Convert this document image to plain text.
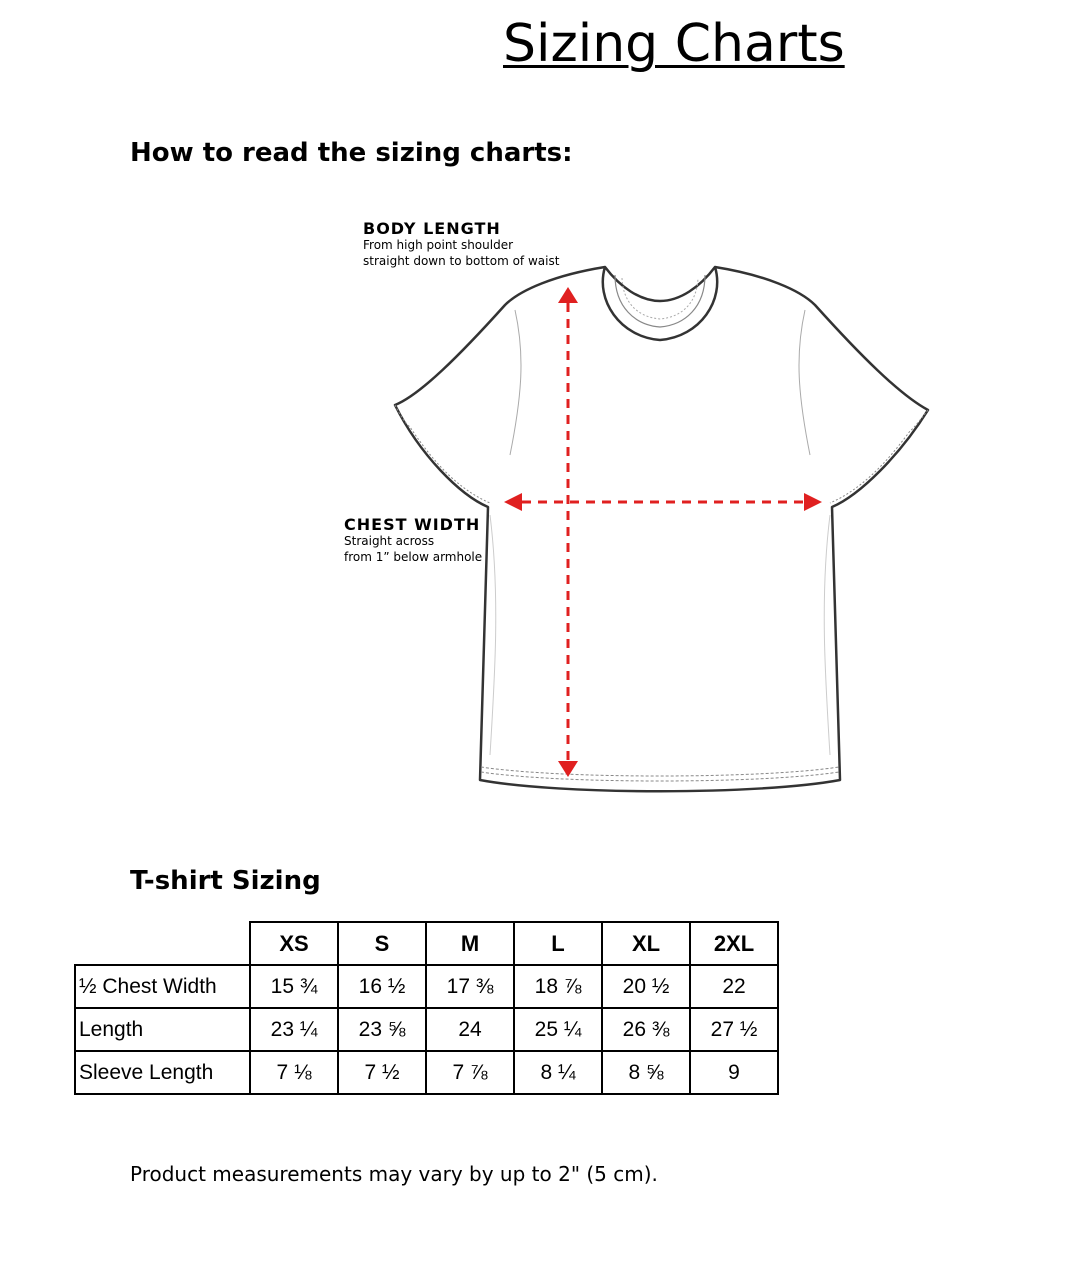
Sizing Charts
How to read the sizing charts:
BODY LENGTH
From high point shoulder
straight down to bottom of waist
CHEST WIDTH
Straight across
from 1” below armhole
T-shirt Sizing
	XS	S	M	L	XL	2XL
½ Chest Width	15 ¾	16 ½	17 ⅜	18 ⅞	20 ½	22
Length	23 ¼	23 ⅝	24	25 ¼	26 ⅜	27 ½
Sleeve Length	7 ⅛	7 ½	7 ⅞	8 ¼	8 ⅝	9
Product measurements may vary by up to 2" (5 cm).
